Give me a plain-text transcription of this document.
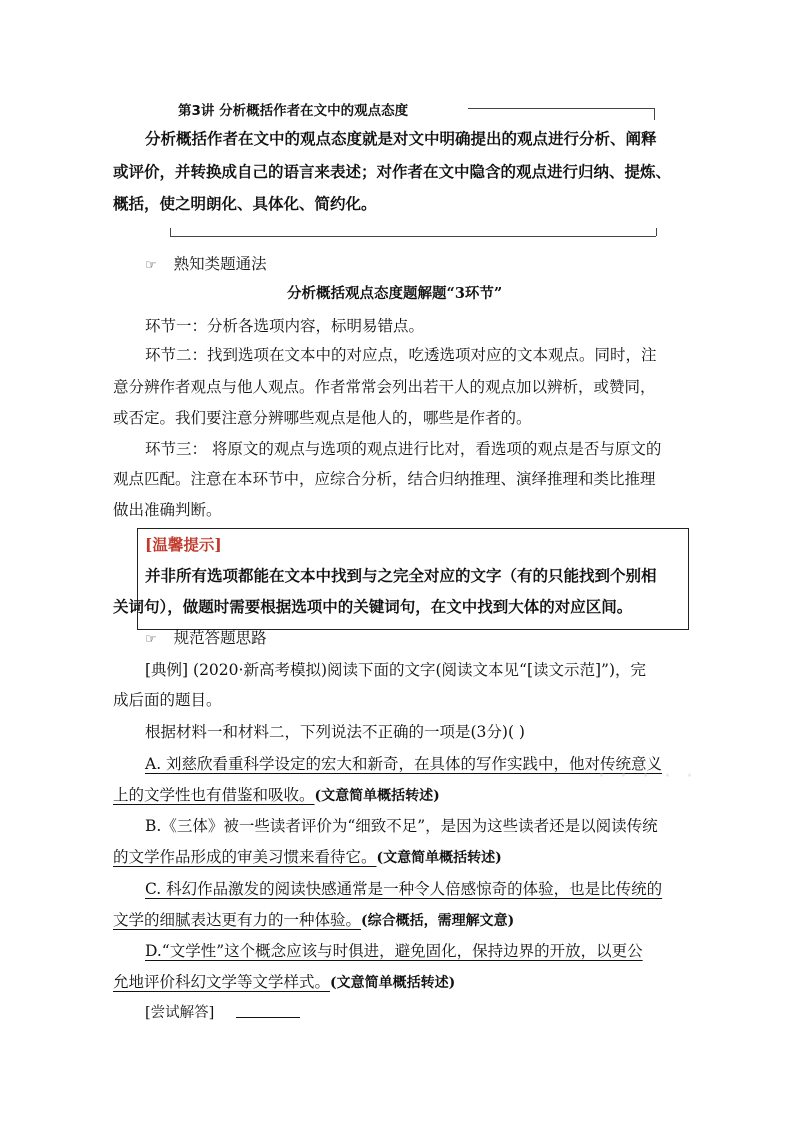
第3讲 分析概括作者在文中的观点态度
分析概括作者在文中的观点态度就是对文中明确提出的观点进行分析、阐释
或评价，并转换成自己的语言来表述；对作者在文中隐含的观点进行归纳、提炼、
概括，使之明朗化、具体化、简约化。
☞ 熟知类题通法
分析概括观点态度题解题“3环节”
环节一：分析各选项内容，标明易错点。
环节二：找到选项在文本中的对应点，吃透选项对应的文本观点。同时，注
意分辨作者观点与他人观点。作者常常会列出若干人的观点加以辨析，或赞同，
或否定。我们要注意分辨哪些观点是他人的，哪些是作者的。
环节三： 将原文的观点与选项的观点进行比对，看选项的观点是否与原文的
观点匹配。注意在本环节中，应综合分析，结合归纳推理、演绎推理和类比推理
做出准确判断。
[温馨提示]
并非所有选项都能在文本中找到与之完全对应的文字（有的只能找到个别相
关词句），做题时需要根据选项中的关键词句，在文中找到大体的对应区间。
☞ 规范答题思路
[典例] (2020·新高考模拟)阅读下面的文字(阅读文本见“[读文示范]”)，完
成后面的题目。
根据材料一和材料二，下列说法不正确的一项是(3分)( )
A. 刘慈欣看重科学设定的宏大和新奇，在具体的写作实践中，他对传统意义
上的文学性也有借鉴和吸收。(文意简单概括转述)
· · · · ·
B.《三体》被一些读者评价为“细致不足”，是因为这些读者还是以阅读传统
的文学作品形成的审美习惯来看待它。(文意简单概括转述)
C. 科幻作品激发的阅读快感通常是一种令人倍感惊奇的体验，也是比传统的
文学的细腻表达更有力的一种体验。(综合概括，需理解文意)
D.“文学性”这个概念应该与时俱进，避免固化，保持边界的开放，以更公
允地评价科幻文学等文学样式。(文意简单概括转述)
[尝试解答]
